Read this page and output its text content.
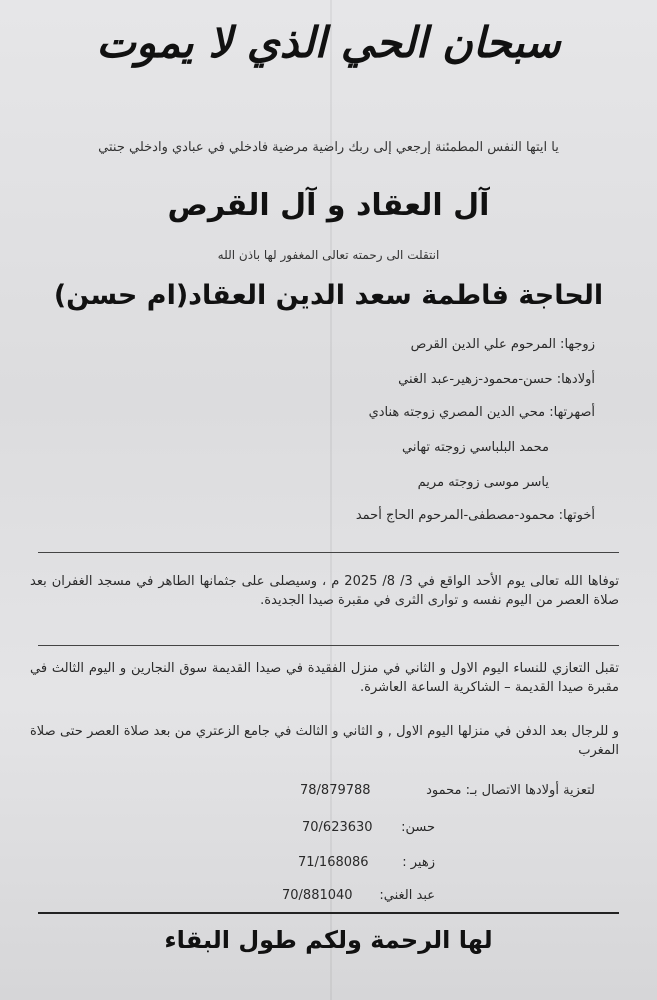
سبحان الحي الذي لا يموت
يا ايتها النفس المطمئنة إرجعي إلى ربك راضية مرضية فادخلي في عبادي وادخلي جنتي
آل العقاد و آل القرص
انتقلت الى رحمته تعالى المغفور لها باذن الله
الحاجة فاطمة سعد الدين العقاد(ام حسن)
زوجها: المرحوم علي الدين القرص
أولادها: حسن-محمود-زهير-عبد الغني
أصهرتها: محي الدين المصري زوجته هنادي
محمد البلباسي زوجته تهاني
ياسر موسى زوجته مريم
أخوتها: محمود-مصطفى-المرحوم الحاج أحمد
توفاها الله تعالى يوم الأحد الواقع في 3/ 8/ 2025 م ، وسيصلى على جثمانها الطاهر في مسجد الغفران بعد صلاة العصر من اليوم نفسه و توارى الثرى في مقبرة صيدا الجديدة.
تقبل التعازي للنساء اليوم الاول و الثاني في منزل الفقيدة في صيدا القديمة سوق النجارين و اليوم الثالث في مقبرة صيدا القديمة – الشاكرية الساعة العاشرة.
و للرجال بعد الدفن في منزلها اليوم الاول , و الثاني و الثالث في جامع الزعتري من بعد صلاة العصر حتى صلاة المغرب
لتعزية أولادها الاتصال بـ: محمود
78/879788
حسن:
70/623630
زهير :
71/168086
عبد الغني:
70/881040
لها الرحمة ولكم طول البقاء
